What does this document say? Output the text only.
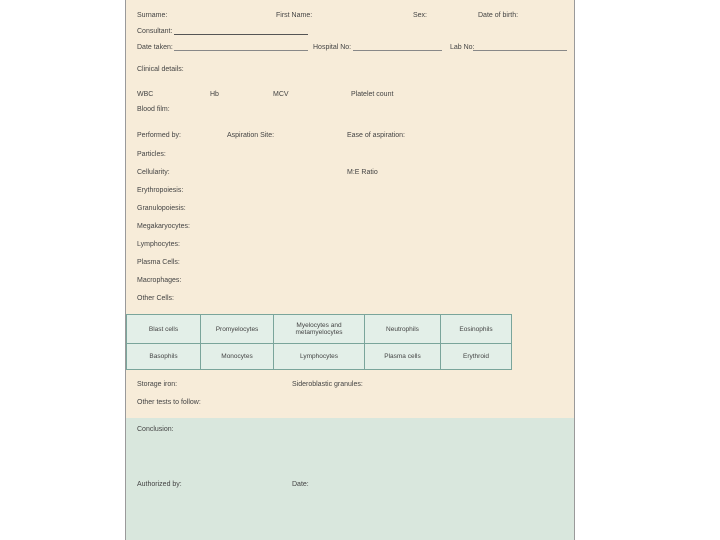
Surname:	First Name:	Sex:	Date of birth:
Consultant:
Date taken:	Hospital No:	Lab No:
Clinical details:
WBC	Hb	MCV	Platelet count
Blood film:
Performed by:	Aspiration Site:	Ease of aspiration:
Particles:
Cellularity:	M:E Ratio
Erythropoiesis:
Granulopoiesis:
Megakaryocytes:
Lymphocytes:
Plasma Cells:
Macrophages:
Other Cells:
Blast cells	Promyelocytes	Myelocytes and metamyelocytes	Neutrophils	Eosinophils
Basophils	Monocytes	Lymphocytes	Plasma cells	Erythroid
Storage iron:	Sideroblastic granules:
Other tests to follow:
Conclusion:
Authorized by:	Date:
